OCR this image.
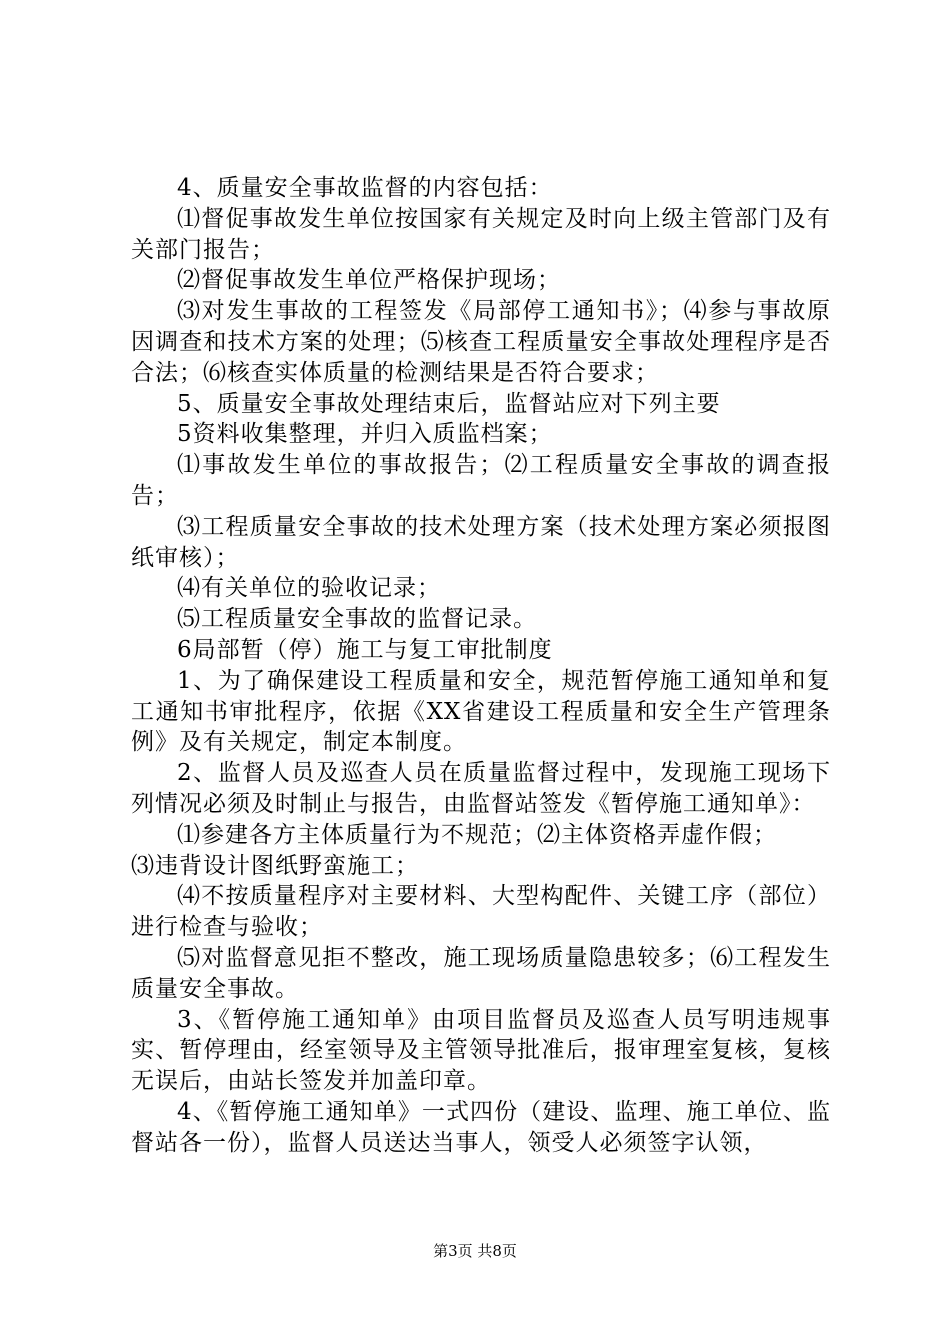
4、质量安全事故监督的内容包括：

⑴督促事故发生单位按国家有关规定及时向上级主管部门及有关部门报告；

⑵督促事故发生单位严格保护现场；

⑶对发生事故的工程签发《局部停工通知书》；⑷参与事故原因调查和技术方案的处理；⑸核查工程质量安全事故处理程序是否合法；⑹核查实体质量的检测结果是否符合要求；

5、质量安全事故处理结束后，监督站应对下列主要

5资料收集整理，并归入质监档案；

⑴事故发生单位的事故报告；⑵工程质量安全事故的调查报告；

⑶工程质量安全事故的技术处理方案（技术处理方案必须报图纸审核）；

⑷有关单位的验收记录；

⑸工程质量安全事故的监督记录。

6局部暂（停）施工与复工审批制度

1、为了确保建设工程质量和安全，规范暂停施工通知单和复工通知书审批程序，依据《XX省建设工程质量和安全生产管理条例》及有关规定，制定本制度。

2、监督人员及巡查人员在质量监督过程中，发现施工现场下列情况必须及时制止与报告，由监督站签发《暂停施工通知单》：

⑴参建各方主体质量行为不规范；⑵主体资格弄虚作假；

⑶违背设计图纸野蛮施工；

⑷不按质量程序对主要材料、大型构配件、关键工序（部位）进行检查与验收；

⑸对监督意见拒不整改，施工现场质量隐患较多；⑹工程发生质量安全事故。

3、《暂停施工通知单》由项目监督员及巡查人员写明违规事实、暂停理由，经室领导及主管领导批准后，报审理室复核，复核无误后，由站长签发并加盖印章。

4、《暂停施工通知单》一式四份（建设、监理、施工单位、监督站各一份），监督人员送达当事人，领受人必须签字认领，

第3页 共8页
